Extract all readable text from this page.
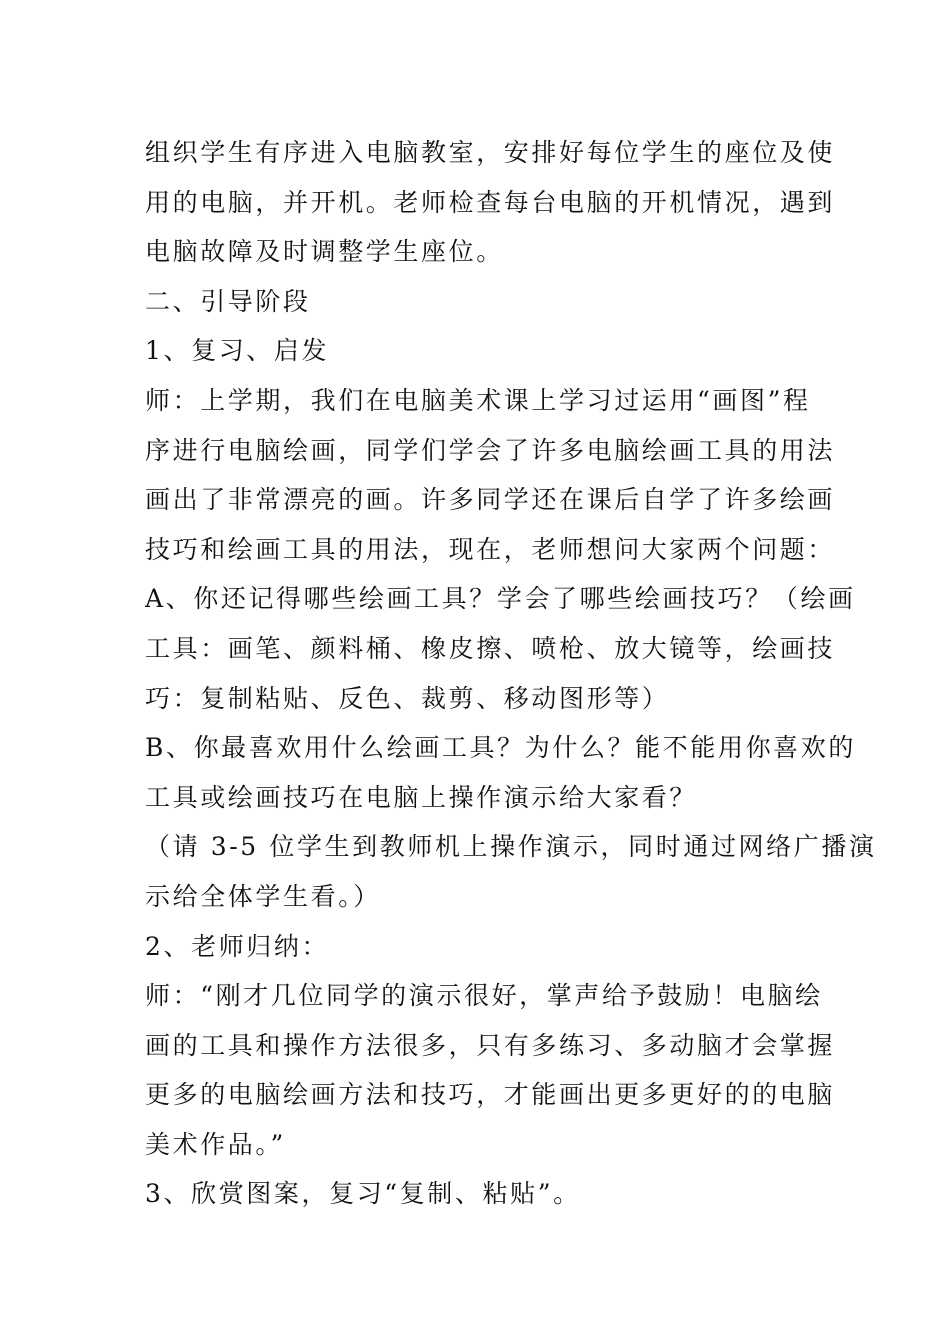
组织学生有序进入电脑教室，安排好每位学生的座位及使
用的电脑，并开机。老师检查每台电脑的开机情况，遇到
电脑故障及时调整学生座位。
二、引导阶段
1、复习、启发
师：上学期，我们在电脑美术课上学习过运用“画图”程
序进行电脑绘画，同学们学会了许多电脑绘画工具的用法
画出了非常漂亮的画。许多同学还在课后自学了许多绘画
技巧和绘画工具的用法，现在，老师想问大家两个问题：
A、你还记得哪些绘画工具？学会了哪些绘画技巧？（绘画
工具：画笔、颜料桶、橡皮擦、喷枪、放大镜等，绘画技
巧：复制粘贴、反色、裁剪、移动图形等）
B、你最喜欢用什么绘画工具？为什么？能不能用你喜欢的
工具或绘画技巧在电脑上操作演示给大家看？
（请 3-5 位学生到教师机上操作演示，同时通过网络广播演
示给全体学生看。）
2、老师归纳：
师：“刚才几位同学的演示很好，掌声给予鼓励！电脑绘
画的工具和操作方法很多，只有多练习、多动脑才会掌握
更多的电脑绘画方法和技巧，才能画出更多更好的的电脑
美术作品。”
3、欣赏图案，复习“复制、粘贴”。
